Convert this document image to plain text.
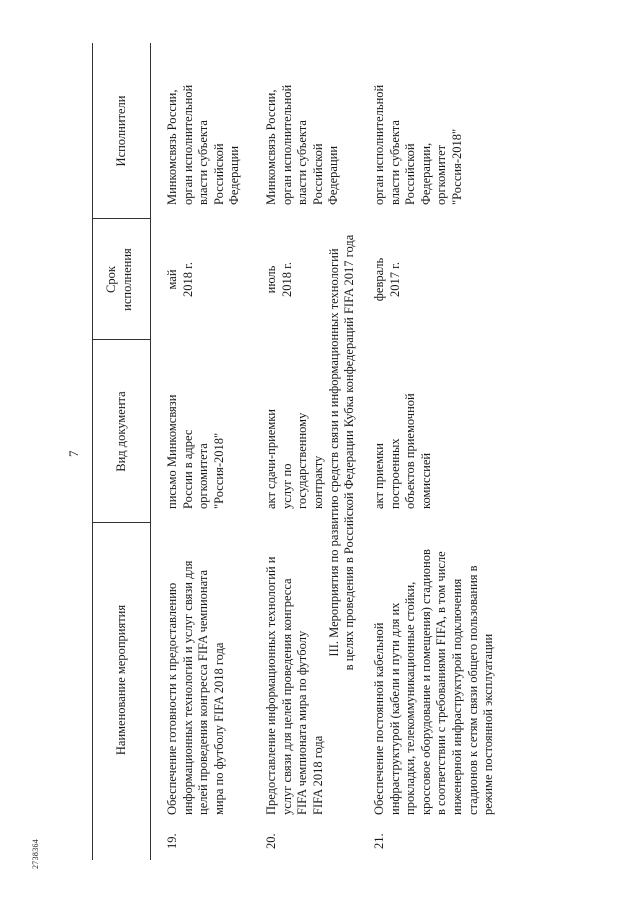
7
Наименование мероприятия
Вид документа
Срок
исполнения
Исполнители
19.
Обеспечение готовности к предоставлению
информационных технологий и услуг связи для
целей проведения конгресса FIFA чемпионата
мира по футболу FIFA 2018 года
письмо Минкомсвязи
России в адрес
оргкомитета
"Россия-2018"
май
2018 г.
Минкомсвязь России,
орган исполнительной
власти субъекта
Российской
Федерации
20.
Предоставление информационных технологий и
услуг связи для целей проведения конгресса
FIFA чемпионата мира по футболу
FIFA 2018 года
акт сдачи-приемки
услуг по
государственному
контракту
июль
2018 г.
Минкомсвязь России,
орган исполнительной
власти субъекта
Российской
Федерации
III. Мероприятия по развитию средств связи и информационных технологий в целях проведения в Российской Федерации Кубка конфедераций FIFA 2017 года
21.
Обеспечение постоянной кабельной
инфраструктурой (кабели и пути для их
прокладки, телекоммуникационные стойки,
кроссовое оборудование и помещения) стадионов
в соответствии с требованиями FIFA, в том числе
инженерной инфраструктурой подключения
стадионов к сетям связи общего пользования в
режиме постоянной эксплуатации
акт приемки
построенных
объектов приемочной
комиссией
февраль
2017 г.
орган исполнительной
власти субъекта
Российской
Федерации,
оргкомитет
"Россия-2018"
2738364
